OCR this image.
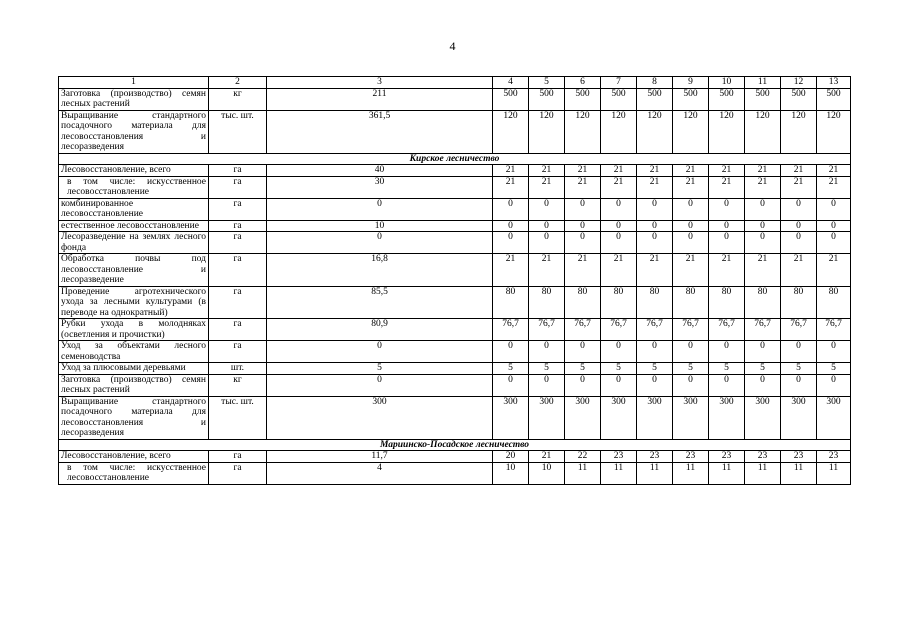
4
1	2	3	4	5	6	7	8	9	10	11	12	13
Заготовка (производство) семян лесных растений	кг	211	500	500	500	500	500	500	500	500	500	500
Выращивание стандартного посадочного материала для лесовосстановления и лесоразведения	тыс. шт.	361,5	120	120	120	120	120	120	120	120	120	120
Кирское лесничество												
Лесовосстановление, всего	га	40	21	21	21	21	21	21	21	21	21	21
в том числе: искусственное лесовосстановление	га	30	21	21	21	21	21	21	21	21	21	21
комбинированное лесовосстановление	га	0	0	0	0	0	0	0	0	0	0	0
естественное лесовосстановление	га	10	0	0	0	0	0	0	0	0	0	0
Лесоразведение на землях лесного фонда	га	0	0	0	0	0	0	0	0	0	0	0
Обработка почвы под лесовосстановление и лесоразведение	га	16,8	21	21	21	21	21	21	21	21	21	21
Проведение агротехнического ухода за лесными культурами (в переводе на однократный)	га	85,5	80	80	80	80	80	80	80	80	80	80
Рубки ухода в молодняках (осветления и прочистки)	га	80,9	76,7	76,7	76,7	76,7	76,7	76,7	76,7	76,7	76,7	76,7
Уход за объектами лесного семеноводства	га	0	0	0	0	0	0	0	0	0	0	0
Уход за плюсовыми деревьями	шт.	5	5	5	5	5	5	5	5	5	5	5
Заготовка (производство) семян лесных растений	кг	0	0	0	0	0	0	0	0	0	0	0
Выращивание стандартного посадочного материала для лесовосстановления и лесоразведения	тыс. шт.	300	300	300	300	300	300	300	300	300	300	300
Мариинско-Посадское лесничество												
Лесовосстановление, всего	га	11,7	20	21	22	23	23	23	23	23	23	23
в том числе: искусственное лесовосстановление	га	4	10	10	11	11	11	11	11	11	11	11
